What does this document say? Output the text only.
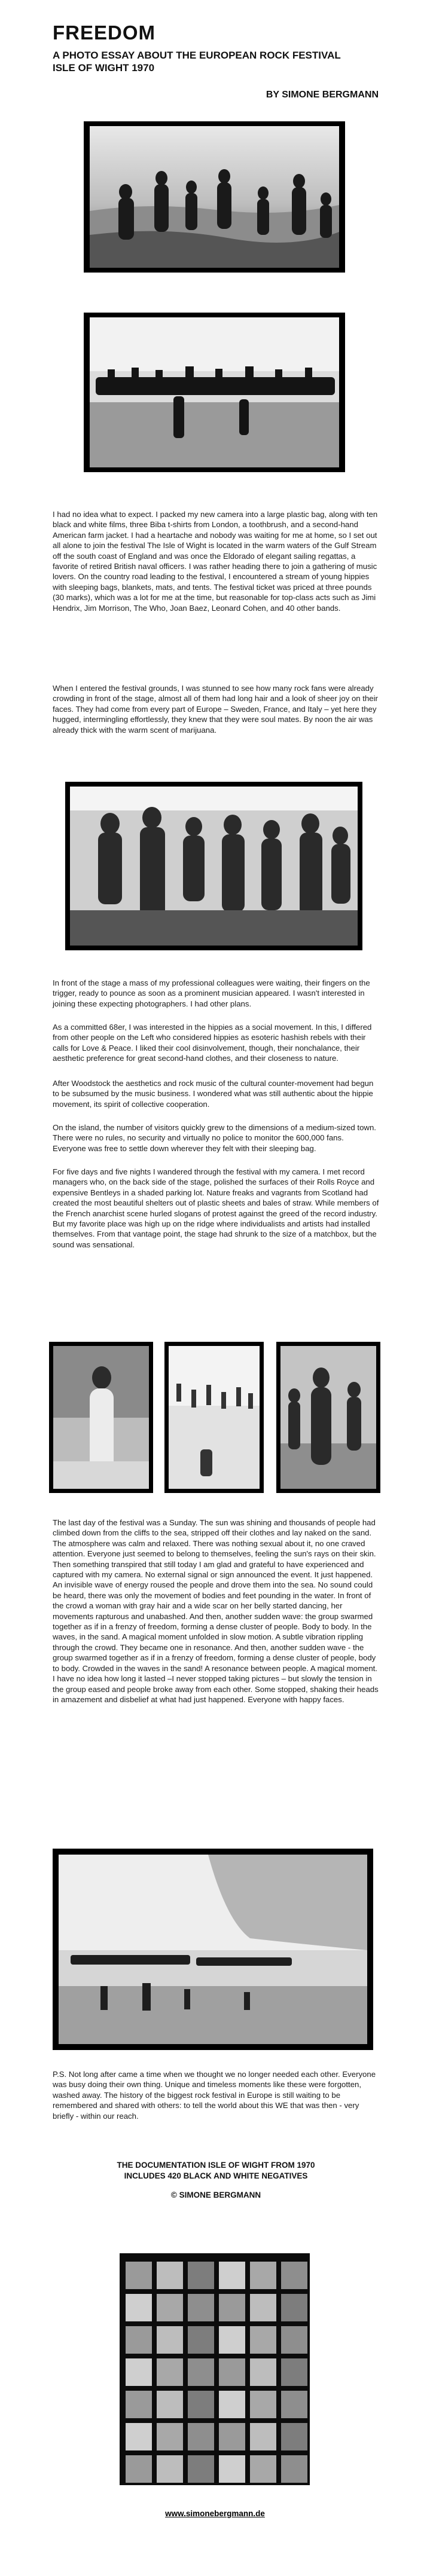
FREEDOM

A PHOTO ESSAY ABOUT THE EUROPEAN ROCK FESTIVAL ISLE OF WIGHT 1970

BY SIMONE BERGMANN

I had no idea what to expect. I packed my new camera into a large plastic bag, along with ten black and white films, three Biba t-shirts from London, a toothbrush, and a second-hand American farm jacket. I had a heartache and nobody was waiting for me at home, so I set out all alone to join the festival The Isle of Wight is located in the warm waters of the Gulf Stream off the south coast of England and was once the Eldorado of elegant sailing regattas, a favorite of retired British naval officers. I was rather heading there to join a gathering of music lovers. On the country road leading to the festival, I encountered a stream of young hippies with sleeping bags, blankets, mats, and tents. The festival ticket was priced at three pounds (30 marks), which was a lot for me at the time, but reasonable for top-class acts such as Jimi Hendrix, Jim Morrison, The Who, Joan Baez, Leonard Cohen, and 40 other bands.

When I entered the festival grounds, I was stunned to see how many rock fans were already crowding in front of the stage, almost all of them had long hair and a look of sheer joy on their faces. They had come from every part of Europe – Sweden, France, and Italy – yet here they hugged, intermingling effortlessly, they knew that they were soul mates. By noon the air was already thick with the warm scent of marijuana.

In front of the stage a mass of my professional colleagues were waiting, their fingers on the trigger, ready to pounce as soon as a prominent musician appeared. I wasn't interested in joining these expecting photographers. I had other plans.

As a committed 68er, I was interested in the hippies as a social movement. In this, I differed from other people on the Left who considered hippies as esoteric hashish rebels with their calls for Love & Peace. I liked their cool disinvolvement, though, their nonchalance, their aesthetic preference for great second-hand clothes, and their closeness to nature.

After Woodstock the aesthetics and rock music of the cultural counter-movement had begun to be subsumed by the music business. I wondered what was still authentic about the hippie movement, its spirit of collective cooperation.

On the island, the number of visitors quickly grew to the dimensions of a medium-sized town. There were no rules, no security and virtually no police to monitor the 600,000 fans. Everyone was free to settle down wherever they felt with their sleeping bag.

For five days and five nights I wandered through the festival with my camera. I met record managers who, on the back side of the stage, polished the surfaces of their Rolls Royce and expensive Bentleys in a shaded parking lot. Nature freaks and vagrants from Scotland had created the most beautiful shelters out of plastic sheets and bales of straw. While members of the French anarchist scene hurled slogans of protest against the greed of the record industry. But my favorite place was high up on the ridge where individualists and artists had installed themselves. From that vantage point, the stage had shrunk to the size of a matchbox, but the sound was sensational.

The last day of the festival was a Sunday. The sun was shining and thousands of people had climbed down from the cliffs to the sea, stripped off their clothes and lay naked on the sand. The atmosphere was calm and relaxed. There was nothing sexual about it, no one craved attention. Everyone just seemed to belong to themselves, feeling the sun's rays on their skin. Then something transpired that still today I am glad and grateful to have experienced and captured with my camera. No external signal or sign announced the event. It just happened. An invisible wave of energy roused the people and drove them into the sea. No sound could be heard, there was only the movement of bodies and feet pounding in the water. In front of the crowd a woman with gray hair and a wide scar on her belly started dancing, her movements rapturous and unabashed. And then, another sudden wave: the group swarmed together as if in a frenzy of freedom, forming a dense cluster of people. Body to body. In the waves, in the sand. A magical moment unfolded in slow motion. A subtle vibration rippling through the crowd. They became one in resonance. And then, another sudden wave - the group swarmed together as if in a frenzy of freedom, forming a dense cluster of people, body to body. Crowded in the waves in the sand! A resonance between people. A magical moment. I have no idea how long it lasted –I never stopped taking pictures – but slowly the tension in the group eased and people broke away from each other. Some stopped, shaking their heads in amazement and disbelief at what had just happened. Everyone with happy faces.

P.S. Not long after came a time when we thought we no longer needed each other. Everyone was busy doing their own thing. Unique and timeless moments like these were forgotten, washed away. The history of the biggest rock festival in Europe is still waiting to be remembered and shared with others: to tell the world about this WE that was then - very briefly - within our reach.

THE DOCUMENTATION ISLE OF WIGHT FROM 1970
INCLUDES 420 BLACK AND WHITE NEGATIVES
© SIMONE BERGMANN
www.simonebergmann.de
